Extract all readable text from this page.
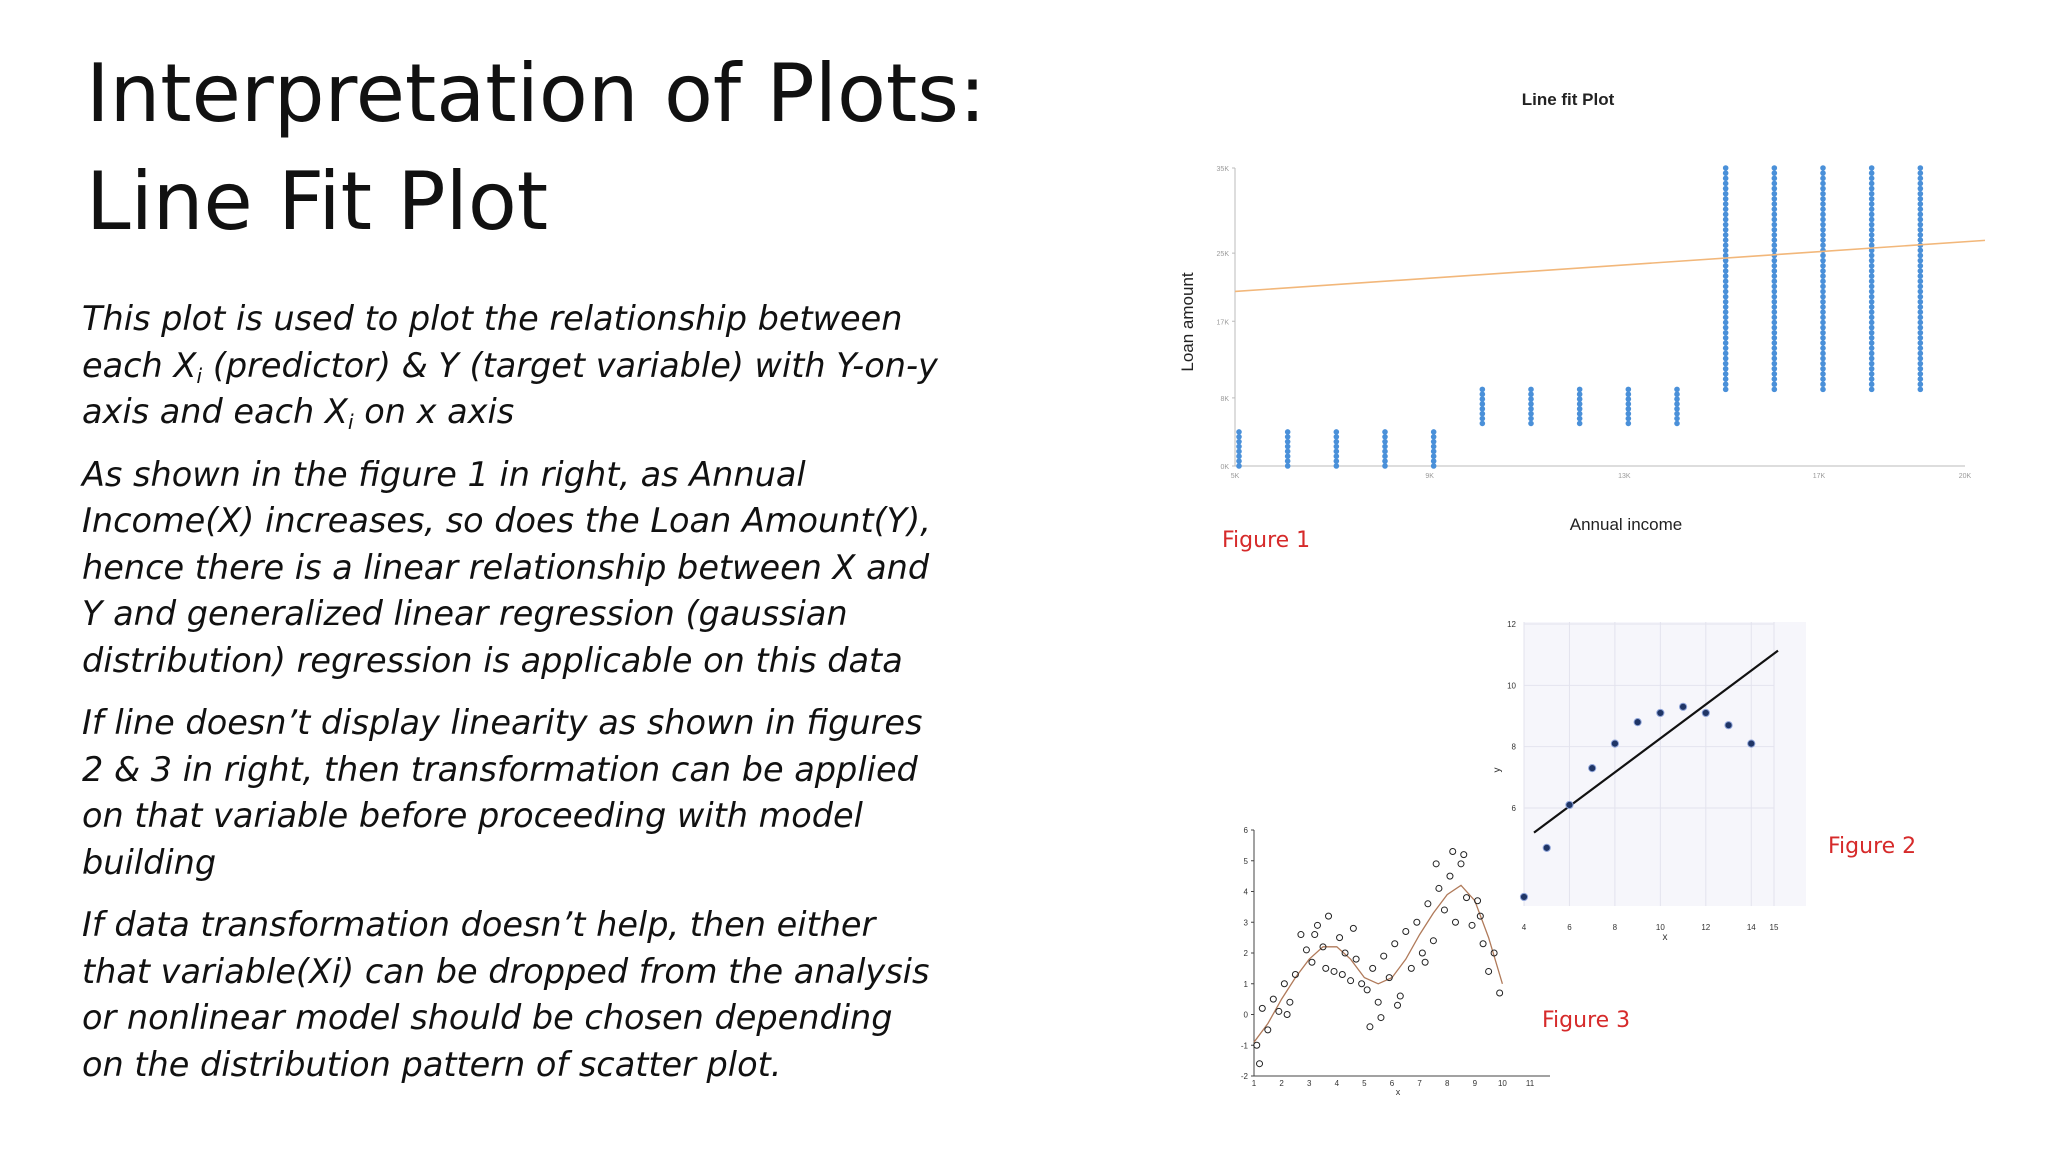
Interpretation of Plots:
Line Fit Plot

This plot is used to plot the relationship between each $X_i$ (predictor) & Y (target variable) with Y-on-y axis and each $X_i$ on x axis

As shown in the figure 1 in right, as Annual Income(X) increases, so does the Loan Amount(Y), hence there is a linear relationship between X and Y and generalized linear regression (gaussian distribution) regression is applicable on this data

If line doesn’t display linearity as shown in figures 2 & 3 in right, then transformation can be applied on that variable before proceeding with model building

If data transformation doesn’t help, then either that variable(Xi) can be dropped from the analysis or nonlinear model should be chosen depending on the distribution pattern of scatter plot.

Line fit Plot
Loan amount
Annual income
0K
8K
17K
25K
35K
5K	9K	13K	17K	20K
Figure 1
6
8
10
12
4	6	8	10	12	14 15
y
x
Figure 2
-2
-1
0
1
2
3
4
5
6
1	2	3	4	5	6	7	8	9	10 11
x
Figure 3
